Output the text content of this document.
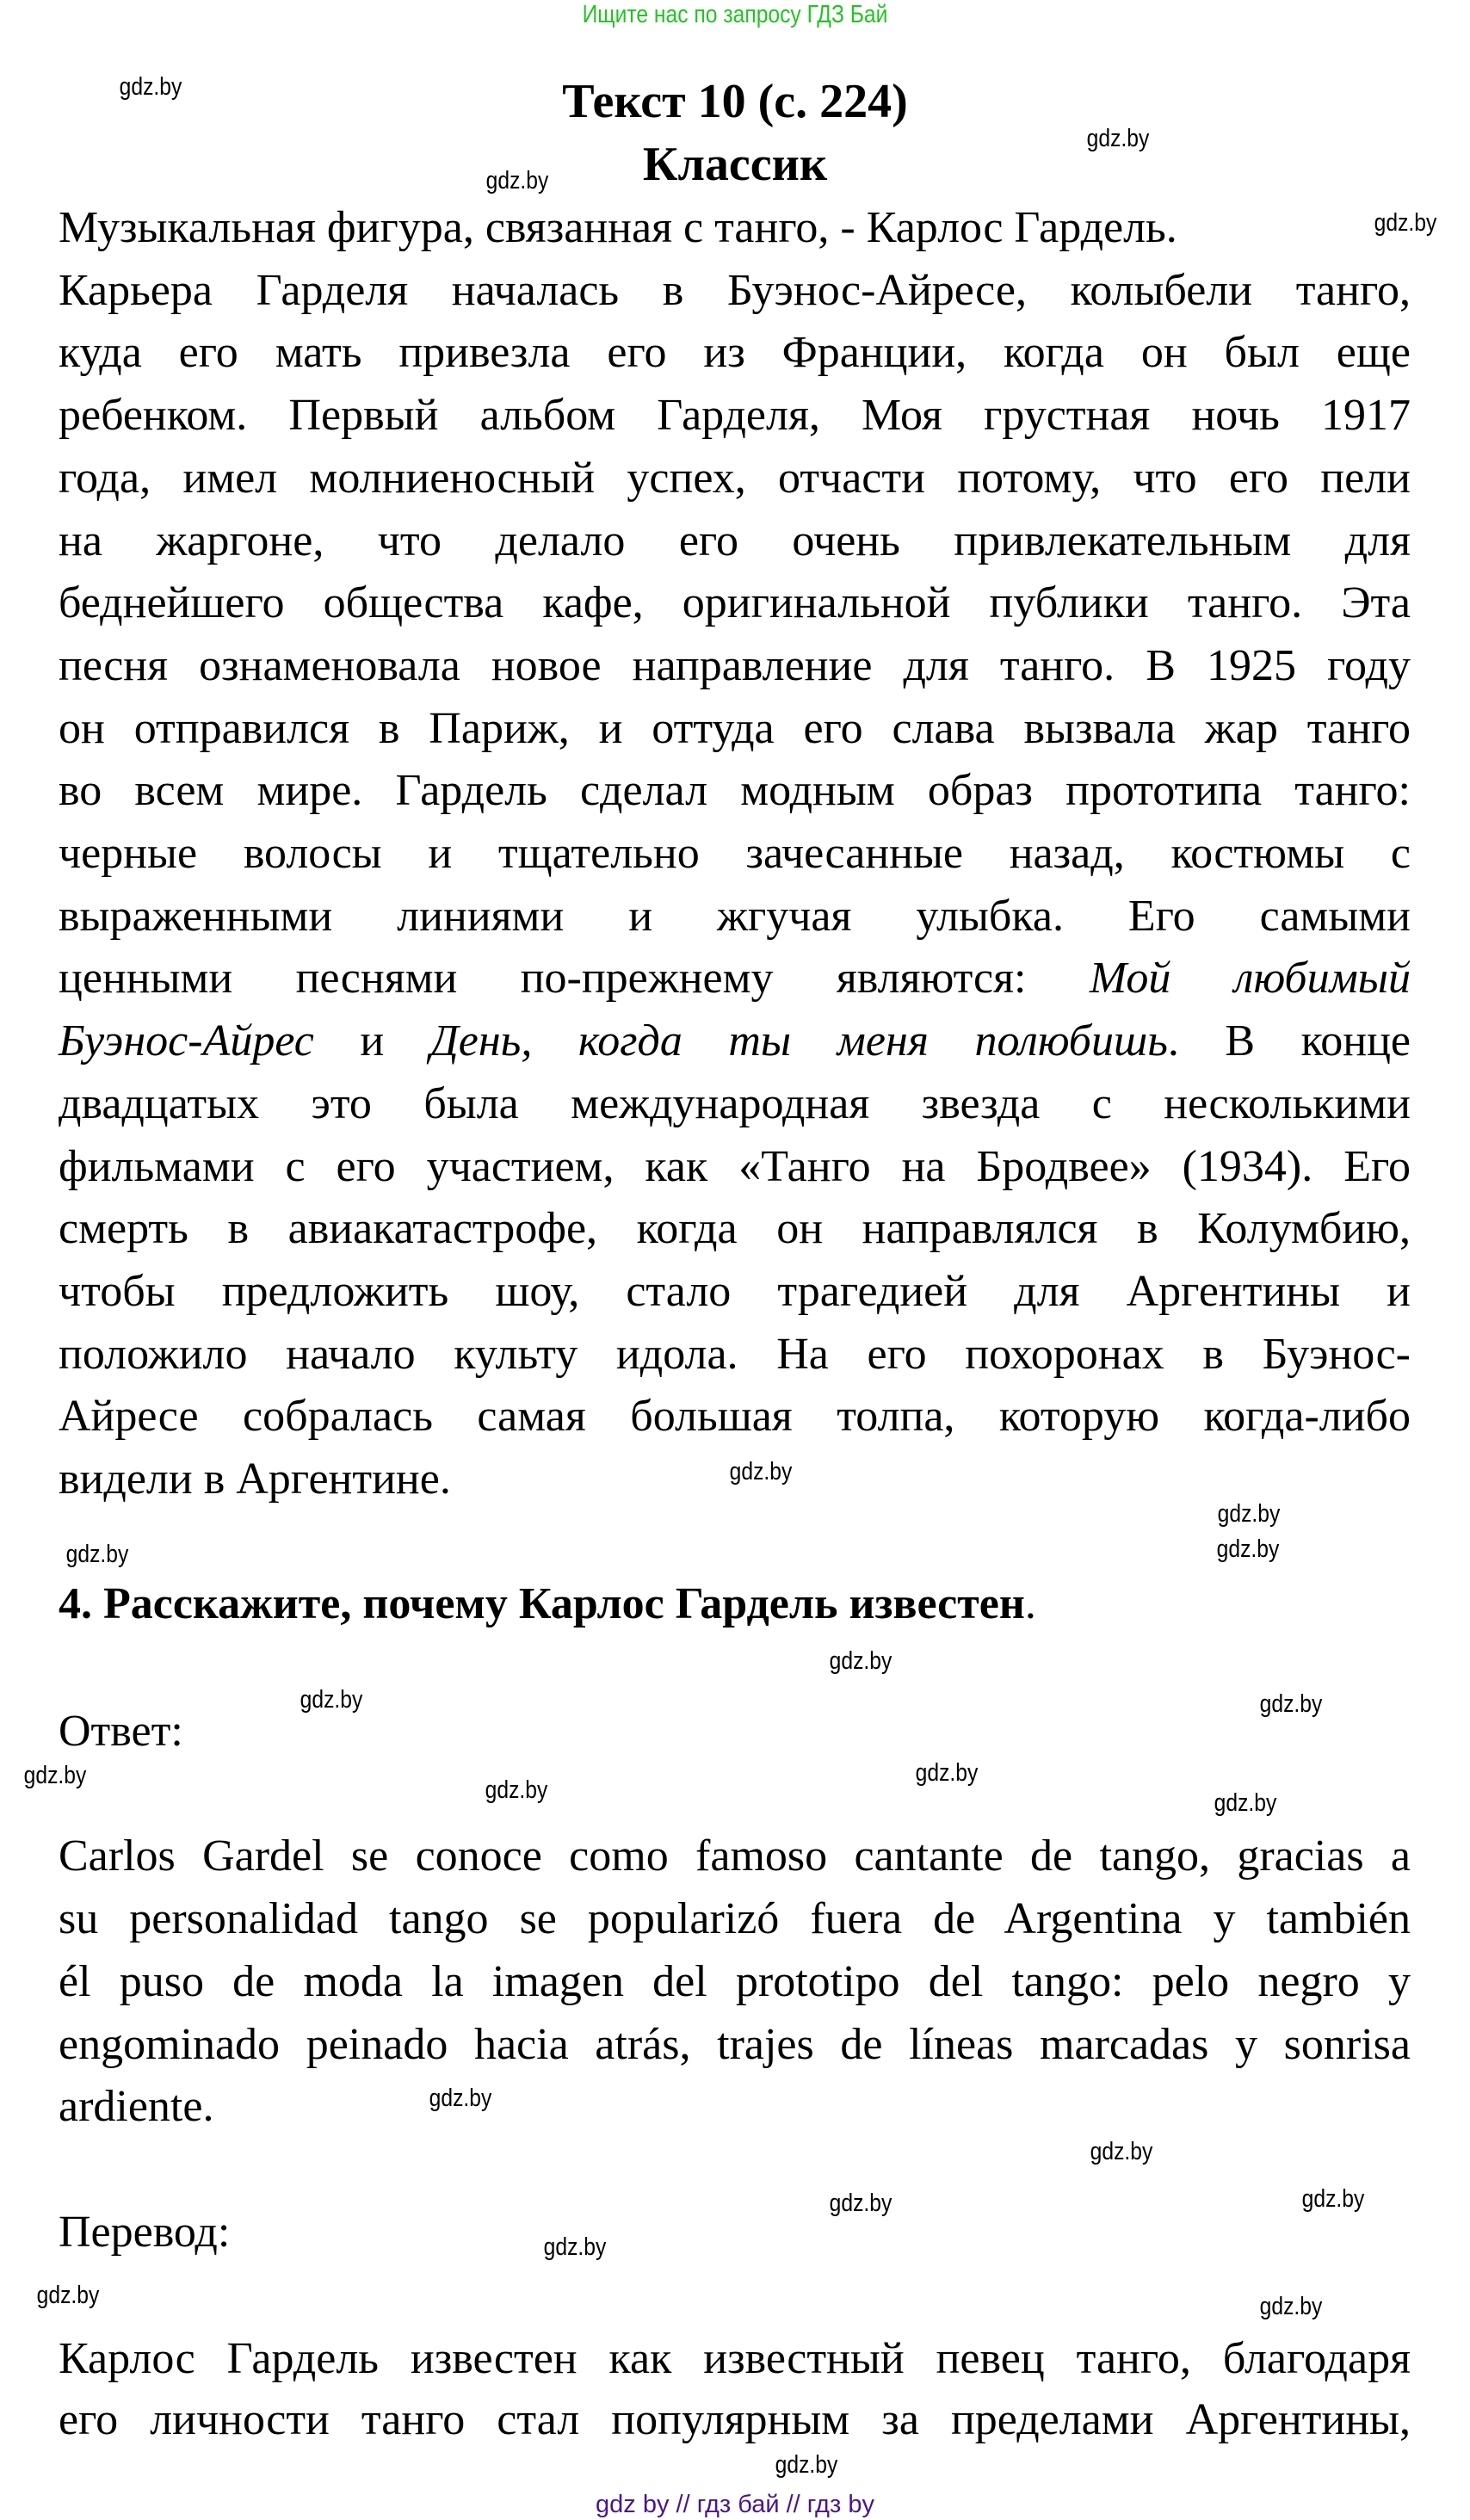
Ищите нас по запросу ГДЗ Бай
Текст 10 (с. 224)
Классик
Музыкальная фигура, связанная с танго, - Карлос Гардель.
Карьера Гарделя началась в Буэнос-Айресе, колыбели танго,
куда его мать привезла его из Франции, когда он был еще
ребенком. Первый альбом Гарделя, Моя грустная ночь 1917
года, имел молниеносный успех, отчасти потому, что его пели
на жаргоне, что делало его очень привлекательным для
беднейшего общества кафе, оригинальной публики танго. Эта
песня ознаменовала новое направление для танго. В 1925 году
он отправился в Париж, и оттуда его слава вызвала жар танго
во всем мире. Гардель сделал модным образ прототипа танго:
черные волосы и тщательно зачесанные назад, костюмы с
выраженными линиями и жгучая улыбка. Его самыми
ценными песнями по-прежнему являются: Мой любимый
Буэнос-Айрес и День, когда ты меня полюбишь. В конце
двадцатых это была международная звезда с несколькими
фильмами с его участием, как «Танго на Бродвее» (1934). Его
смерть в авиакатастрофе, когда он направлялся в Колумбию,
чтобы предложить шоу, стало трагедией для Аргентины и
положило начало культу идола. На его похоронах в Буэнос-
Айресе собралась самая большая толпа, которую когда-либо
видели в Аргентине.
4. Расскажите, почему Карлос Гардель известен.
Ответ:
Carlos Gardel se conoce como famoso cantante de tango, gracias a
su personalidad tango se popularizó fuera de Argentina y también
él puso de moda la imagen del prototipo del tango: pelo negro y
engominado peinado hacia atrás, trajes de líneas marcadas y sonrisa
ardiente.
Перевод:
Карлос Гардель известен как известный певец танго, благодаря
его личности танго стал популярным за пределами Аргентины,
gdz.by
gdz.by
gdz.by
gdz.by
gdz.by
gdz.by
gdz.by
gdz.by
gdz.by
gdz.by
gdz.by
gdz.by
gdz.by
gdz.by
gdz.by
gdz.by
gdz.by
gdz.by
gdz.by
gdz.by
gdz.by
gdz.by
gdz.by
gdz by // гдз бай // гдз by
